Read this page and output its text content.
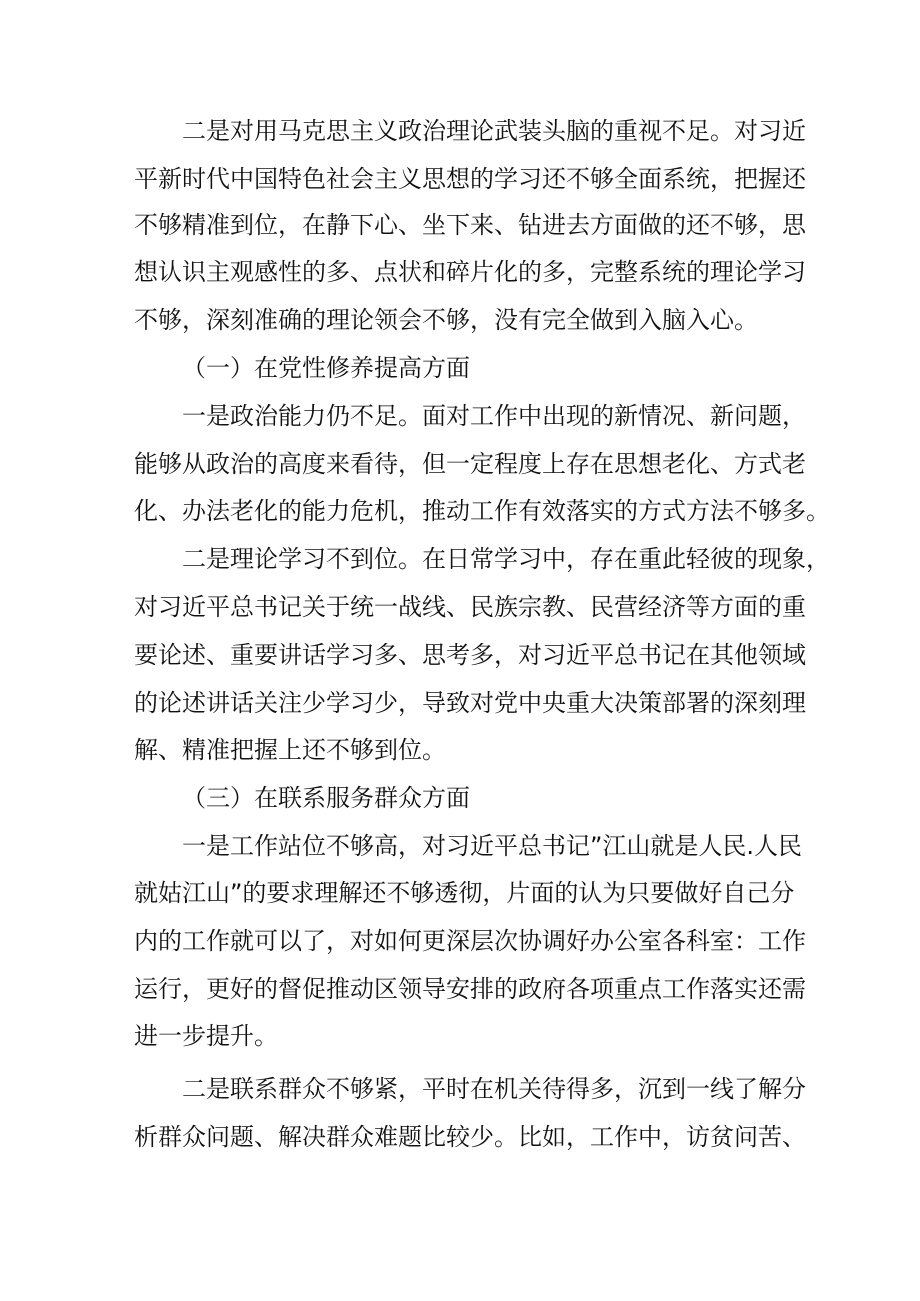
二是对用马克思主义政治理论武装头脑的重视不足。对习近
平新时代中国特色社会主义思想的学习还不够全面系统，把握还
不够精准到位，在静下心、坐下来、钻进去方面做的还不够，思
想认识主观感性的多、点状和碎片化的多，完整系统的理论学习
不够，深刻准确的理论领会不够，没有完全做到入脑入心。
（一）在党性修养提高方面
一是政治能力仍不足。面对工作中出现的新情况、新问题，
能够从政治的高度来看待，但一定程度上存在思想老化、方式老
化、办法老化的能力危机，推动工作有效落实的方式方法不够多。
二是理论学习不到位。在日常学习中，存在重此轻彼的现象，
对习近平总书记关于统一战线、民族宗教、民营经济等方面的重
要论述、重要讲话学习多、思考多，对习近平总书记在其他领域
的论述讲话关注少学习少，导致对党中央重大决策部署的深刻理
解、精准把握上还不够到位。
（三）在联系服务群众方面
一是工作站位不够高，对习近平总书记”江山就是人民.人民
就姑江山”的要求理解还不够透彻，片面的认为只要做好自己分
内的工作就可以了，对如何更深层次协调好办公室各科室：工作
运行，更好的督促推动区领导安排的政府各项重点工作落实还需
进一步提升。
二是联系群众不够紧，平时在机关待得多，沉到一线了解分
析群众问题、解决群众难题比较少。比如，工作中，访贫问苦、
